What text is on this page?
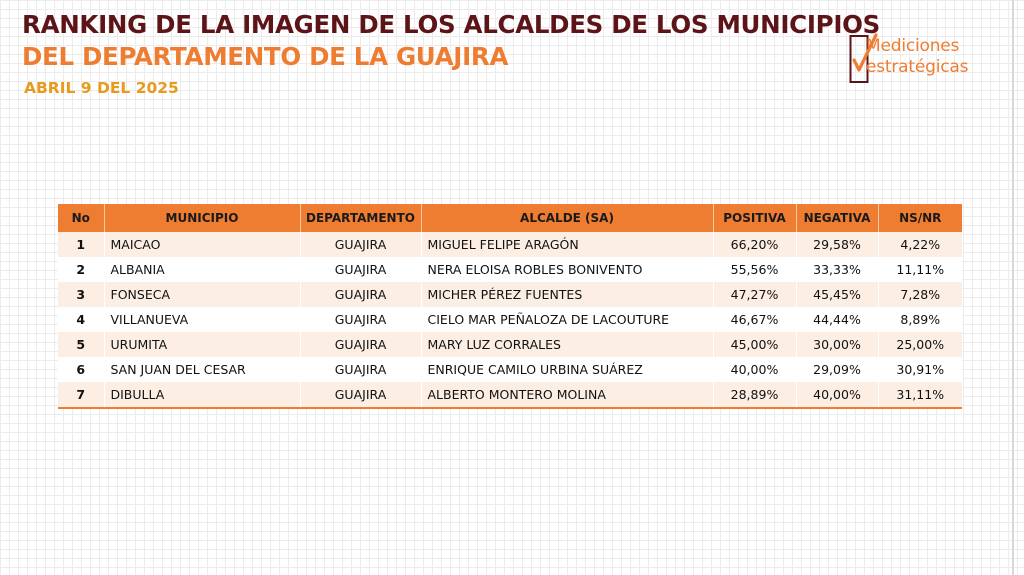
RANKING DE LA IMAGEN DE LOS ALCALDES DE LOS MUNICIPIOS
DEL DEPARTAMENTO DE LA GUAJIRA
ABRIL 9 DEL 2025
Mediciones
estratégicas
No	MUNICIPIO	DEPARTAMENTO	ALCALDE (SA)	POSITIVA	NEGATIVA	NS/NR
1	MAICAO	GUAJIRA	MIGUEL FELIPE ARAGÓN	66,20%	29,58%	4,22%
2	ALBANIA	GUAJIRA	NERA ELOISA ROBLES BONIVENTO	55,56%	33,33%	11,11%
3	FONSECA	GUAJIRA	MICHER PÉREZ FUENTES	47,27%	45,45%	7,28%
4	VILLANUEVA	GUAJIRA	CIELO MAR PEÑALOZA DE LACOUTURE	46,67%	44,44%	8,89%
5	URUMITA	GUAJIRA	MARY LUZ CORRALES	45,00%	30,00%	25,00%
6	SAN JUAN DEL CESAR	GUAJIRA	ENRIQUE CAMILO URBINA SUÁREZ	40,00%	29,09%	30,91%
7	DIBULLA	GUAJIRA	ALBERTO MONTERO MOLINA	28,89%	40,00%	31,11%
